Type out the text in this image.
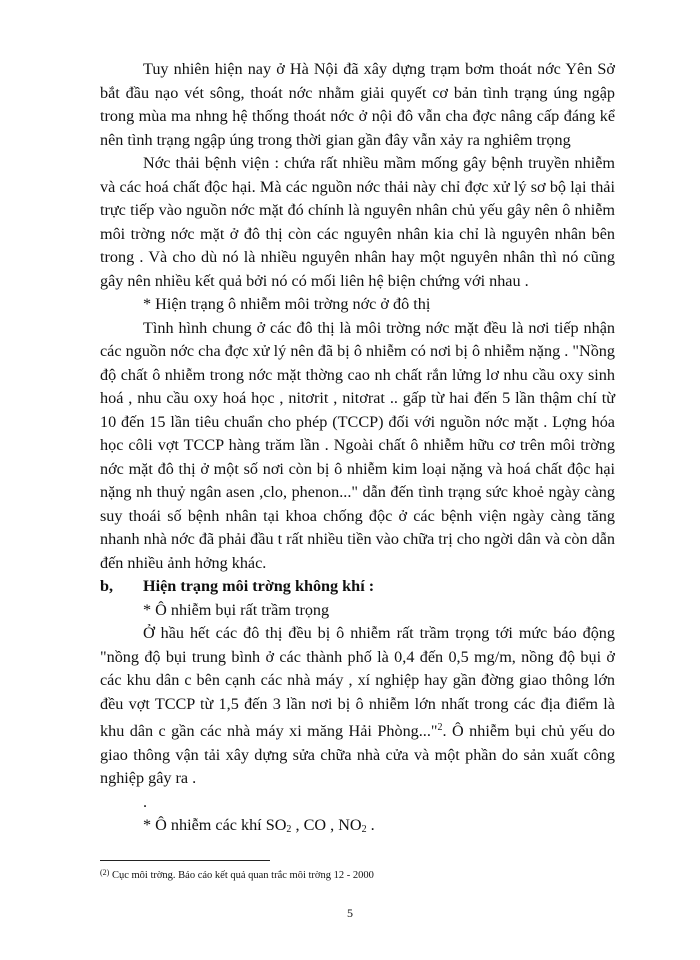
Tuy nhiên hiện nay ở Hà Nội đã xây dựng trạm bơm thoát nớc Yên Sở bắt đầu nạo vét sông, thoát nớc nhằm giải quyết cơ bản tình trạng úng ngập trong mùa ma nhng hệ thống thoát nớc ở nội đô vẫn cha đợc nâng cấp đáng kể nên tình trạng ngập úng trong thời gian gần đây vẫn xảy ra nghiêm trọng

Nớc thải bệnh viện : chứa rất nhiều mầm mống gây bệnh truyền nhiễm và các hoá chất độc hại. Mà các nguồn nớc thải này chỉ đợc xử lý sơ bộ lại thải trực tiếp vào nguồn nớc mặt đó chính là nguyên nhân chủ yếu gây nên ô nhiễm môi trờng nớc mặt ở đô thị còn các nguyên nhân kia chỉ là nguyên nhân bên trong . Và cho dù nó là nhiều nguyên nhân hay một nguyên nhân thì nó cũng gây nên nhiều kết quả bởi nó có mối liên hệ biện chứng với nhau .

* Hiện trạng ô nhiễm môi trờng nớc ở đô thị

Tình hình chung ở các đô thị là môi trờng nớc mặt đều là nơi tiếp nhận các nguồn nớc cha đợc xử lý nên đã bị ô nhiễm có nơi bị ô nhiễm nặng . "Nồng độ chất ô nhiễm trong nớc mặt thờng cao nh chất rắn lửng lơ nhu cầu oxy sinh hoá , nhu cầu oxy hoá học , nitơrit , nitơrat .. gấp từ hai đến 5 lần thậm chí từ 10 đến 15 lần tiêu chuẩn cho phép (TCCP) đối với nguồn nớc mặt . Lợng hóa học côli vợt TCCP hàng trăm lần . Ngoài chất ô nhiễm hữu cơ trên môi trờng nớc mặt đô thị ở một số nơi còn bị ô nhiễm kim loại nặng và hoá chất độc hại nặng nh thuỷ ngân asen ,clo, phenon..." dẫn đến tình trạng sức khoẻ ngày càng suy thoái số bệnh nhân tại khoa chống độc ở các bệnh viện ngày càng tăng nhanh nhà nớc đã phải đầu t rất nhiều tiền vào chữa trị cho ngời dân và còn dẫn đến nhiều ảnh hởng khác.

b,	Hiện trạng môi trờng không khí :

* Ô nhiễm bụi rất trầm trọng

Ở hầu hết các đô thị đều bị ô nhiễm rất trầm trọng tới mức báo động "nồng độ bụi trung bình ở các thành phố là 0,4 đến 0,5 mg/m, nồng độ bụi ở các khu dân c bên cạnh các nhà máy , xí nghiệp hay gần đờng giao thông lớn đều vợt TCCP từ 1,5 đến 3 lần nơi bị ô nhiễm lớn nhất trong các địa điểm là khu dân c gần các nhà máy xi măng Hải Phòng..."$^2$. Ô nhiễm bụi chủ yếu do giao thông vận tải xây dựng sửa chữa nhà cửa và một phần do sản xuất công nghiệp gây ra .

.

* Ô nhiễm các khí $SO_2$ , CO , $NO_2$ .

$^{(2)}$ Cục môi trờng. Báo cáo kết quả quan trắc môi trờng 12 - 2000
5
